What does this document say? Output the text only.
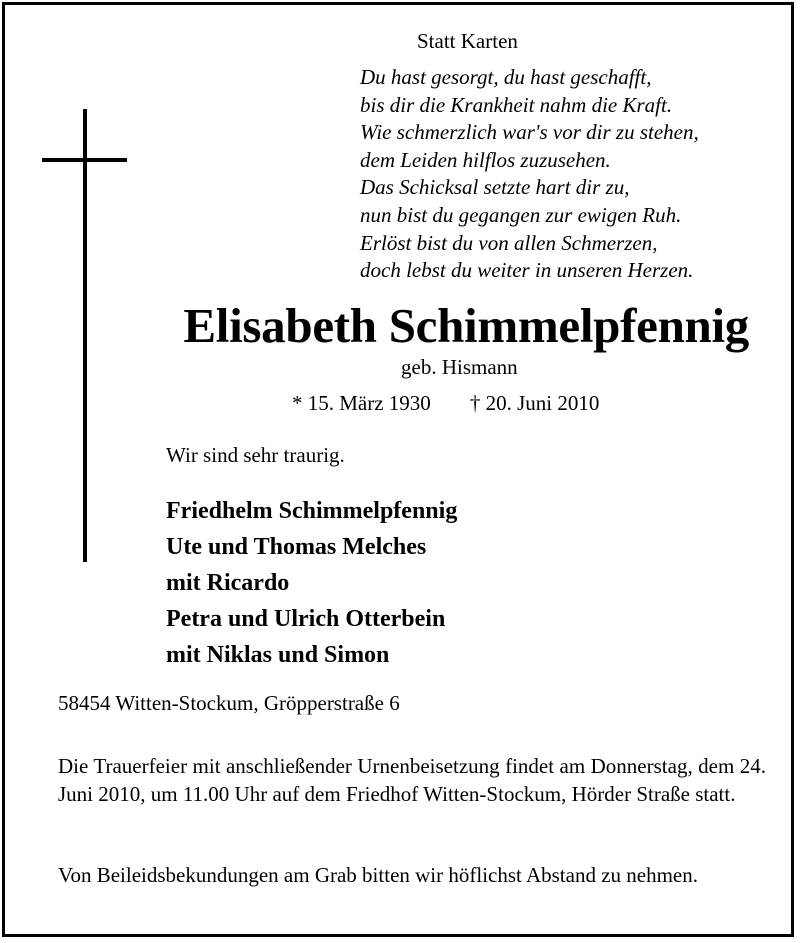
Statt Karten
Du hast gesorgt, du hast geschafft,
bis dir die Krankheit nahm die Kraft.
Wie schmerzlich war's vor dir zu stehen,
dem Leiden hilflos zuzusehen.
Das Schicksal setzte hart dir zu,
nun bist du gegangen zur ewigen Ruh.
Erlöst bist du von allen Schmerzen,
doch lebst du weiter in unseren Herzen.
Elisabeth Schimmelpfennig
geb. Hismann
* 15. März 1930 † 20. Juni 2010
Wir sind sehr traurig.
Friedhelm Schimmelpfennig
Ute und Thomas Melches
mit Ricardo
Petra und Ulrich Otterbein
mit Niklas und Simon
58454 Witten-Stockum, Gröpperstraße 6
Die Trauerfeier mit anschließender Urnenbeisetzung findet am Donnerstag, dem 24. Juni 2010, um 11.00 Uhr auf dem Friedhof Witten-Stockum, Hörder Straße statt.
Von Beileidsbekundungen am Grab bitten wir höflichst Abstand zu nehmen.
